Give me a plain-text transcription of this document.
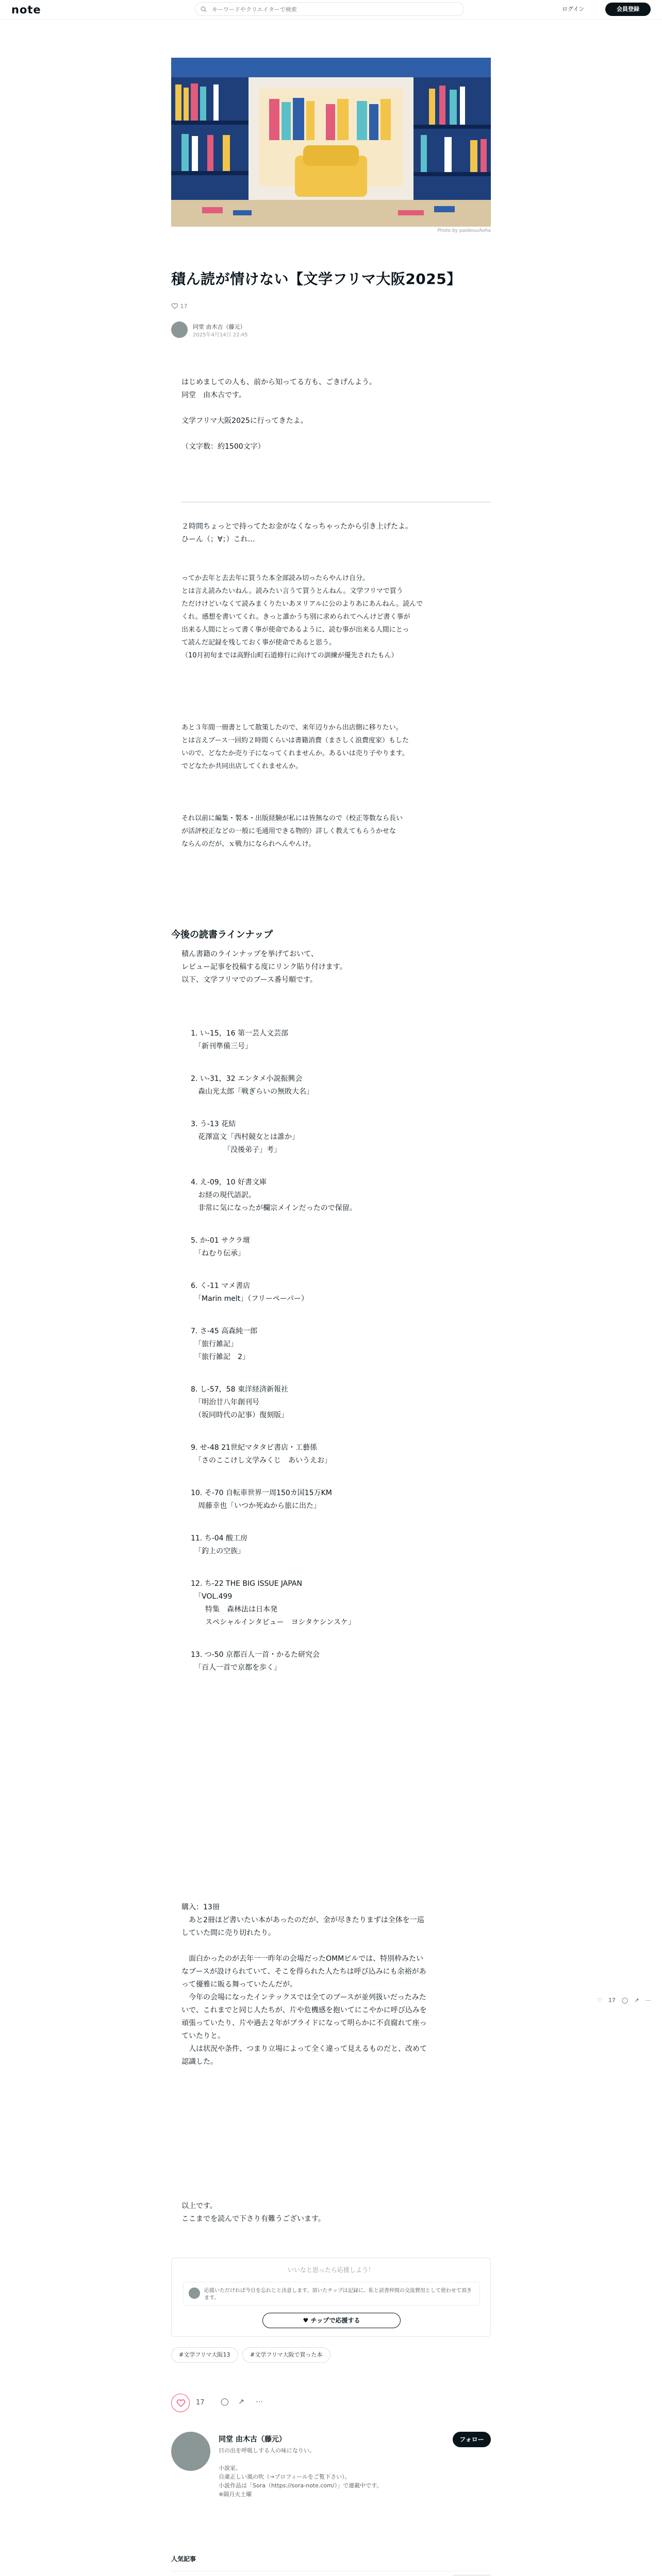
note
キーワードやクリエイターで検索	ログイン	会員登録
Photo by paidesu/Aoha
積ん読が情けない【文学フリマ大阪2025】
17
同堂 由木古（藤元）
2025年4月14日 22:45
はじめましての人も、前から知ってる方も、ごきげんよう。
同堂　由木古です。
文学フリマ大阪2025に行ってきたよ。
（文字数：約1500文字）
２時間ちょっとで持ってたお金がなくなっちゃったから引き上げたよ。
ひーん（；∀；）これ…
ってか去年と去去年に買うた本全部読み切ったらやんけ自分。
とは言え読みたいねん。読みたい言うて買うとんねん。文学フリマで買う
ただけけどいなくて読みまくりたいあヌリアルに公のよりあにあんねん。読んで
くれ。感想を書いてくれ。きっと誰かうち別に求められてへんけど書く事が
出来る人間にとって書く事が使命であるように、読む事が出来る人間にとっ
て読んだ記録を残しておく事が使命であると思う。
（10月初旬までは高野山町石道修行に向けての訓練が優先されたもん）
あと３年間一冊書として散策したので、来年辺りから出店側に移りたい。
とは言えブース一回約２時間くらいは書籍消費（まさしく浪費度家）もした
いので、どなたか売り子になってくれませんか。あるいは売り子やります。
でどなたか共同出店してくれませんか。
それ以前に編集・製本・出版経験が私には皆無なので（校正等数なら長い
が活評校正などの一般に毛通用できる物的）詳しく教えてもらうかせな
ならんのだが、ｘ戦力になられへんやんけ。
今後の読書ラインナップ
積ん書籍のラインナップを挙げておいて、
レビュー記事を投稿する度にリンク貼り付けます。
以下、文学フリマでのブース番号順です。
1. い-15，16 第一芸人文芸部
　「新刊準備三号」
2. い-31，32 エンタメ小説振興会
　森山光太郎「戦ぎらいの無敗大名」
3. う-13 花結
　花澤富文「西村競女とは誰か」
　　　　　「没後弟子」考」
4. え-09，10 好書文庫
　お経の現代語訳。
　非常に気になったが欄宗メインだったので保留。
5. か-01 サクラ壇
　「ねむり伝承」
6. く-11 マメ書店
　「Marin melt」（フリーペーパー）
7. さ-45 高森純一郎
　「旅行雑記」
　「旅行雑記　2」
8. し-57，58 東洋経済新報社
　「明治廿八年創刊号
　（坂同時代の記事）復刻版」
9. せ-48 21世紀マタタビ書店・工藝係
　「さのここけし文学みくじ　あいうえお」
10. そ-70 自転車世界一周150カ国15万KM
　周藤幸也「いつか死ぬから旅に出た」
11. ち-04 酸工房
　「釣上の空族」
12. ち-22 THE BIG ISSUE JAPAN
　「VOL.499
　　特集　森林法は日本発
　　スペシャルインタビュー　ヨシタケシンスケ」
13. つ-50 京都百人一首・かるた研究会
　「百人一首で京都を歩く」
購入：13冊
　あと2冊ほど書いたい本があったのだが、金が尽きたりまずは全体を一巡
していた間に売り切れたり。
　面白かったのが去年一一昨年の会場だったOMMビルでは、特別枠みたい
なブースが設けられていて、そこを得られた人たちは呼び込みにも余裕があ
って優雅に販る舞っていたんだが。
　今年の会場になったインテックスでは全てのブースが並列扱いだったみた
いで、これまでと同じ人たちが、片や危機感を抱いてにこやかに呼び込みを
頑張っていたり、片や過去２年がブライドになって明らかに不貞腐れて座っ
ていたりと。
　人は状況や条件、つまり立場によって全く違って見えるものだと、改めて
認識した。
♡ 17 ◯ ↗ ⋯
以上です。
ここまでを読んで下さり有難うございます。
いいなと思ったら応援しよう！
応援いただければ今日を忘れじと決意します。頂いたチップは記録に、私と読書仲間の交流費用として使わせて頂きます。
♥ チップで応援する
#文学フリマ大阪13	#文学フリマ大阪で買った本
17 ◯ ↗ ⋯
同堂 由木古（藤元）	フォロー
日の出を呼吸しする人の味になりい。
小説家。
自粛正しい風の吹（→プロフィールをご覧下さい）。
小説作品は「Sora（https://sora-note.com/）」で連載中です。
※隔月火土曜
人気記事
